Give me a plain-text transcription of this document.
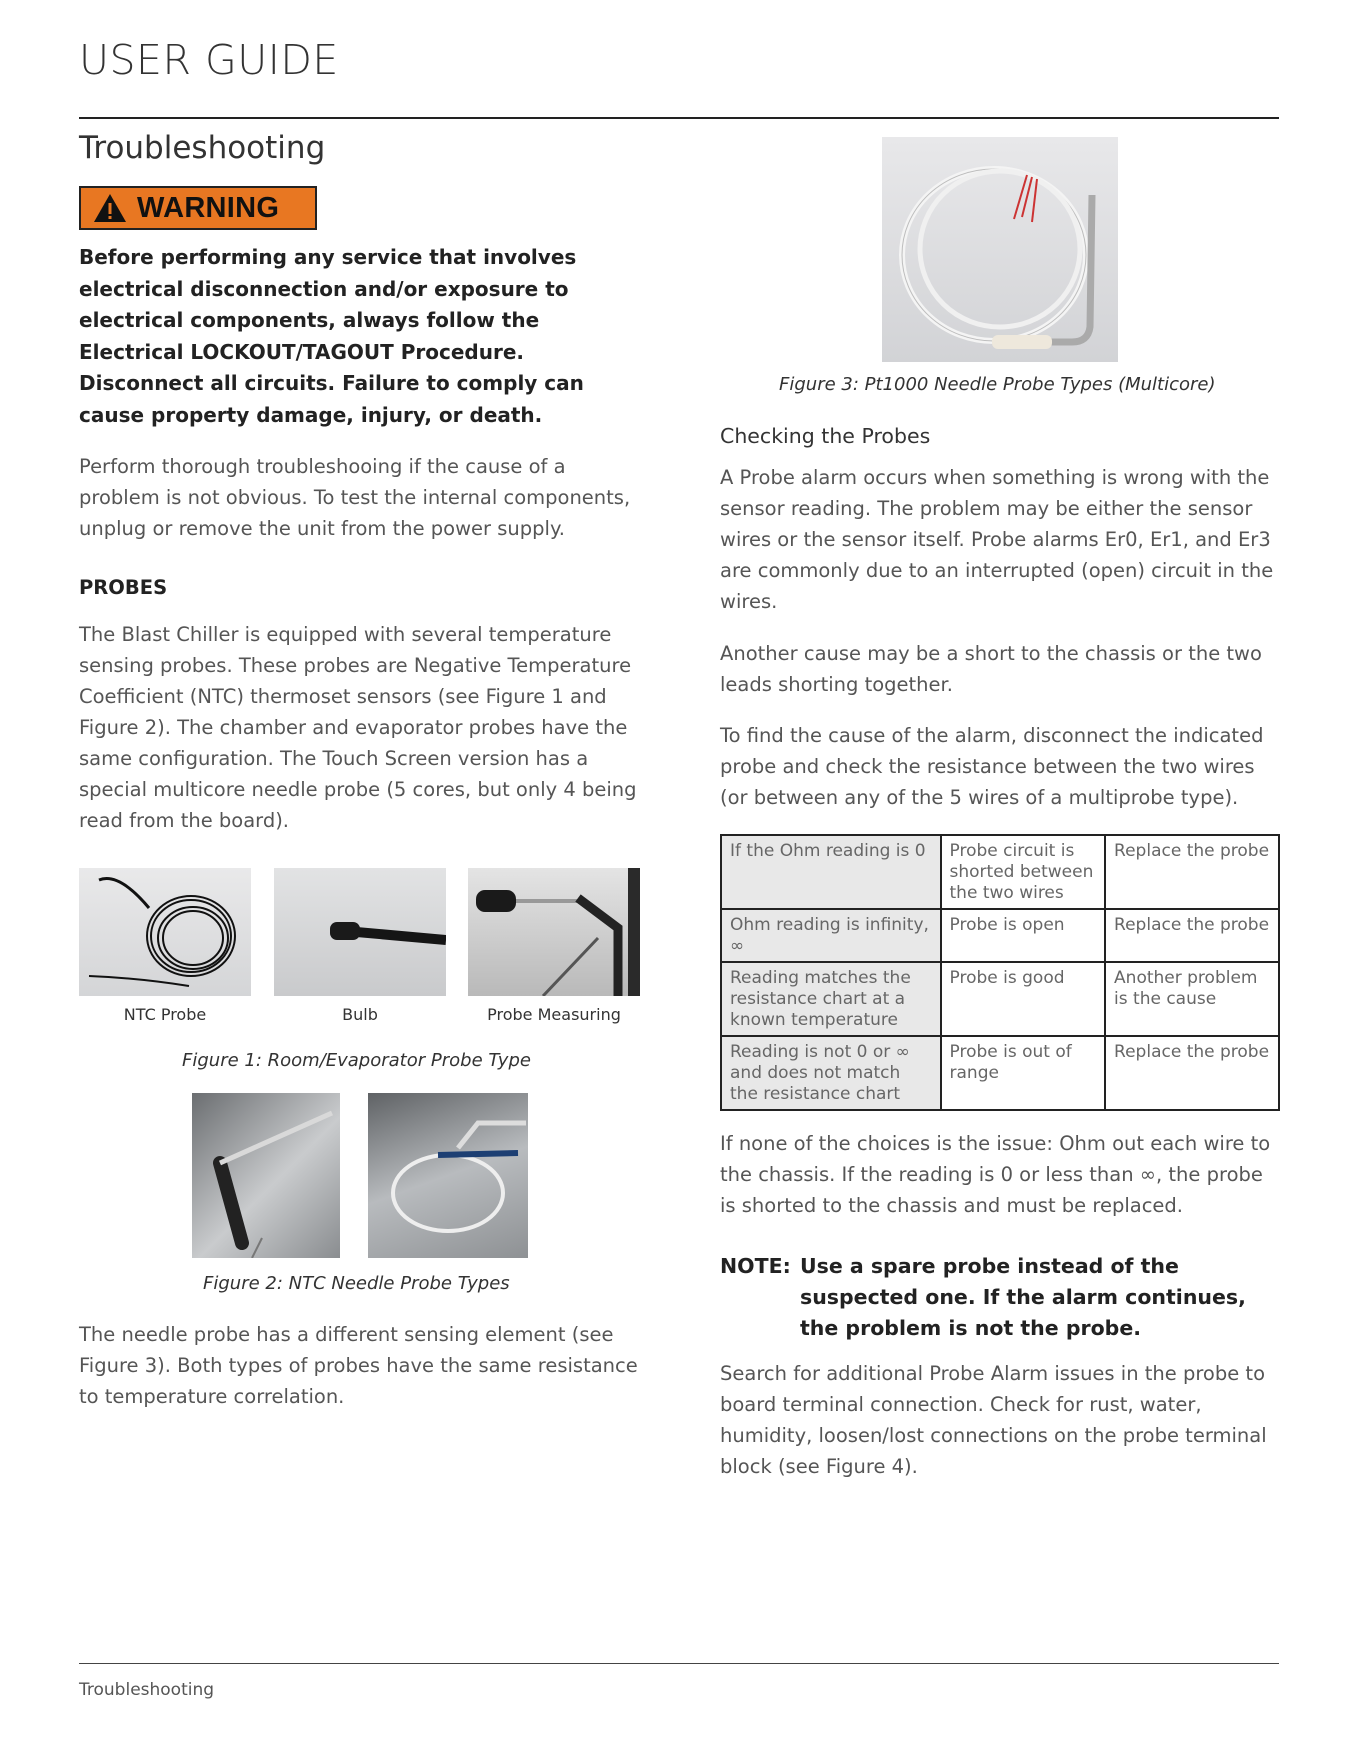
USER GUIDE
Troubleshooting
WARNING

Before performing any service that involves electrical disconnection and/or exposure to electrical components, always follow the Electrical LOCKOUT/TAGOUT Procedure. Disconnect all circuits. Failure to comply can cause property damage, injury, or death.

Perform thorough troubleshooing if the cause of a problem is not obvious. To test the internal components, unplug or remove the unit from the power supply.

PROBES

The Blast Chiller is equipped with several temperature sensing probes. These probes are Negative Temperature Coefficient (NTC) thermoset sensors (see Figure 1 and Figure 2). The chamber and evaporator probes have the same configuration. The Touch Screen version has a special multicore needle probe (5 cores, but only 4 being read from the board).

NTC Probe	Bulb	Probe Measuring
Figure 1: Room/Evaporator Probe Type
Figure 2: NTC Needle Probe Types

The needle probe has a different sensing element (see Figure 3). Both types of probes have the same resistance to temperature correlation.

Figure 3: Pt1000 Needle Probe Types (Multicore)

Checking the Probes

A Probe alarm occurs when something is wrong with the sensor reading. The problem may be either the sensor wires or the sensor itself. Probe alarms Er0, Er1, and Er3 are commonly due to an interrupted (open) circuit in the wires.

Another cause may be a short to the chassis or the two leads shorting together.

To find the cause of the alarm, disconnect the indicated probe and check the resistance between the two wires (or between any of the 5 wires of a multiprobe type).

If the Ohm reading is 0	Probe circuit is shorted between the two wires	Replace the probe
Ohm reading is infinity, ∞	Probe is open	Replace the probe
Reading matches the resistance chart at a known temperature	Probe is good	Another problem is the cause
Reading is not 0 or ∞ and does not match the resistance chart	Probe is out of range	Replace the probe

If none of the choices is the issue: Ohm out each wire to the chassis. If the reading is 0 or less than ∞, the probe is shorted to the chassis and must be replaced.

NOTE: Use a spare probe instead of the suspected one. If the alarm continues, the problem is not the probe.

Search for additional Probe Alarm issues in the probe to board terminal connection. Check for rust, water, humidity, loosen/lost connections on the probe terminal block (see Figure 4).

Troubleshooting
